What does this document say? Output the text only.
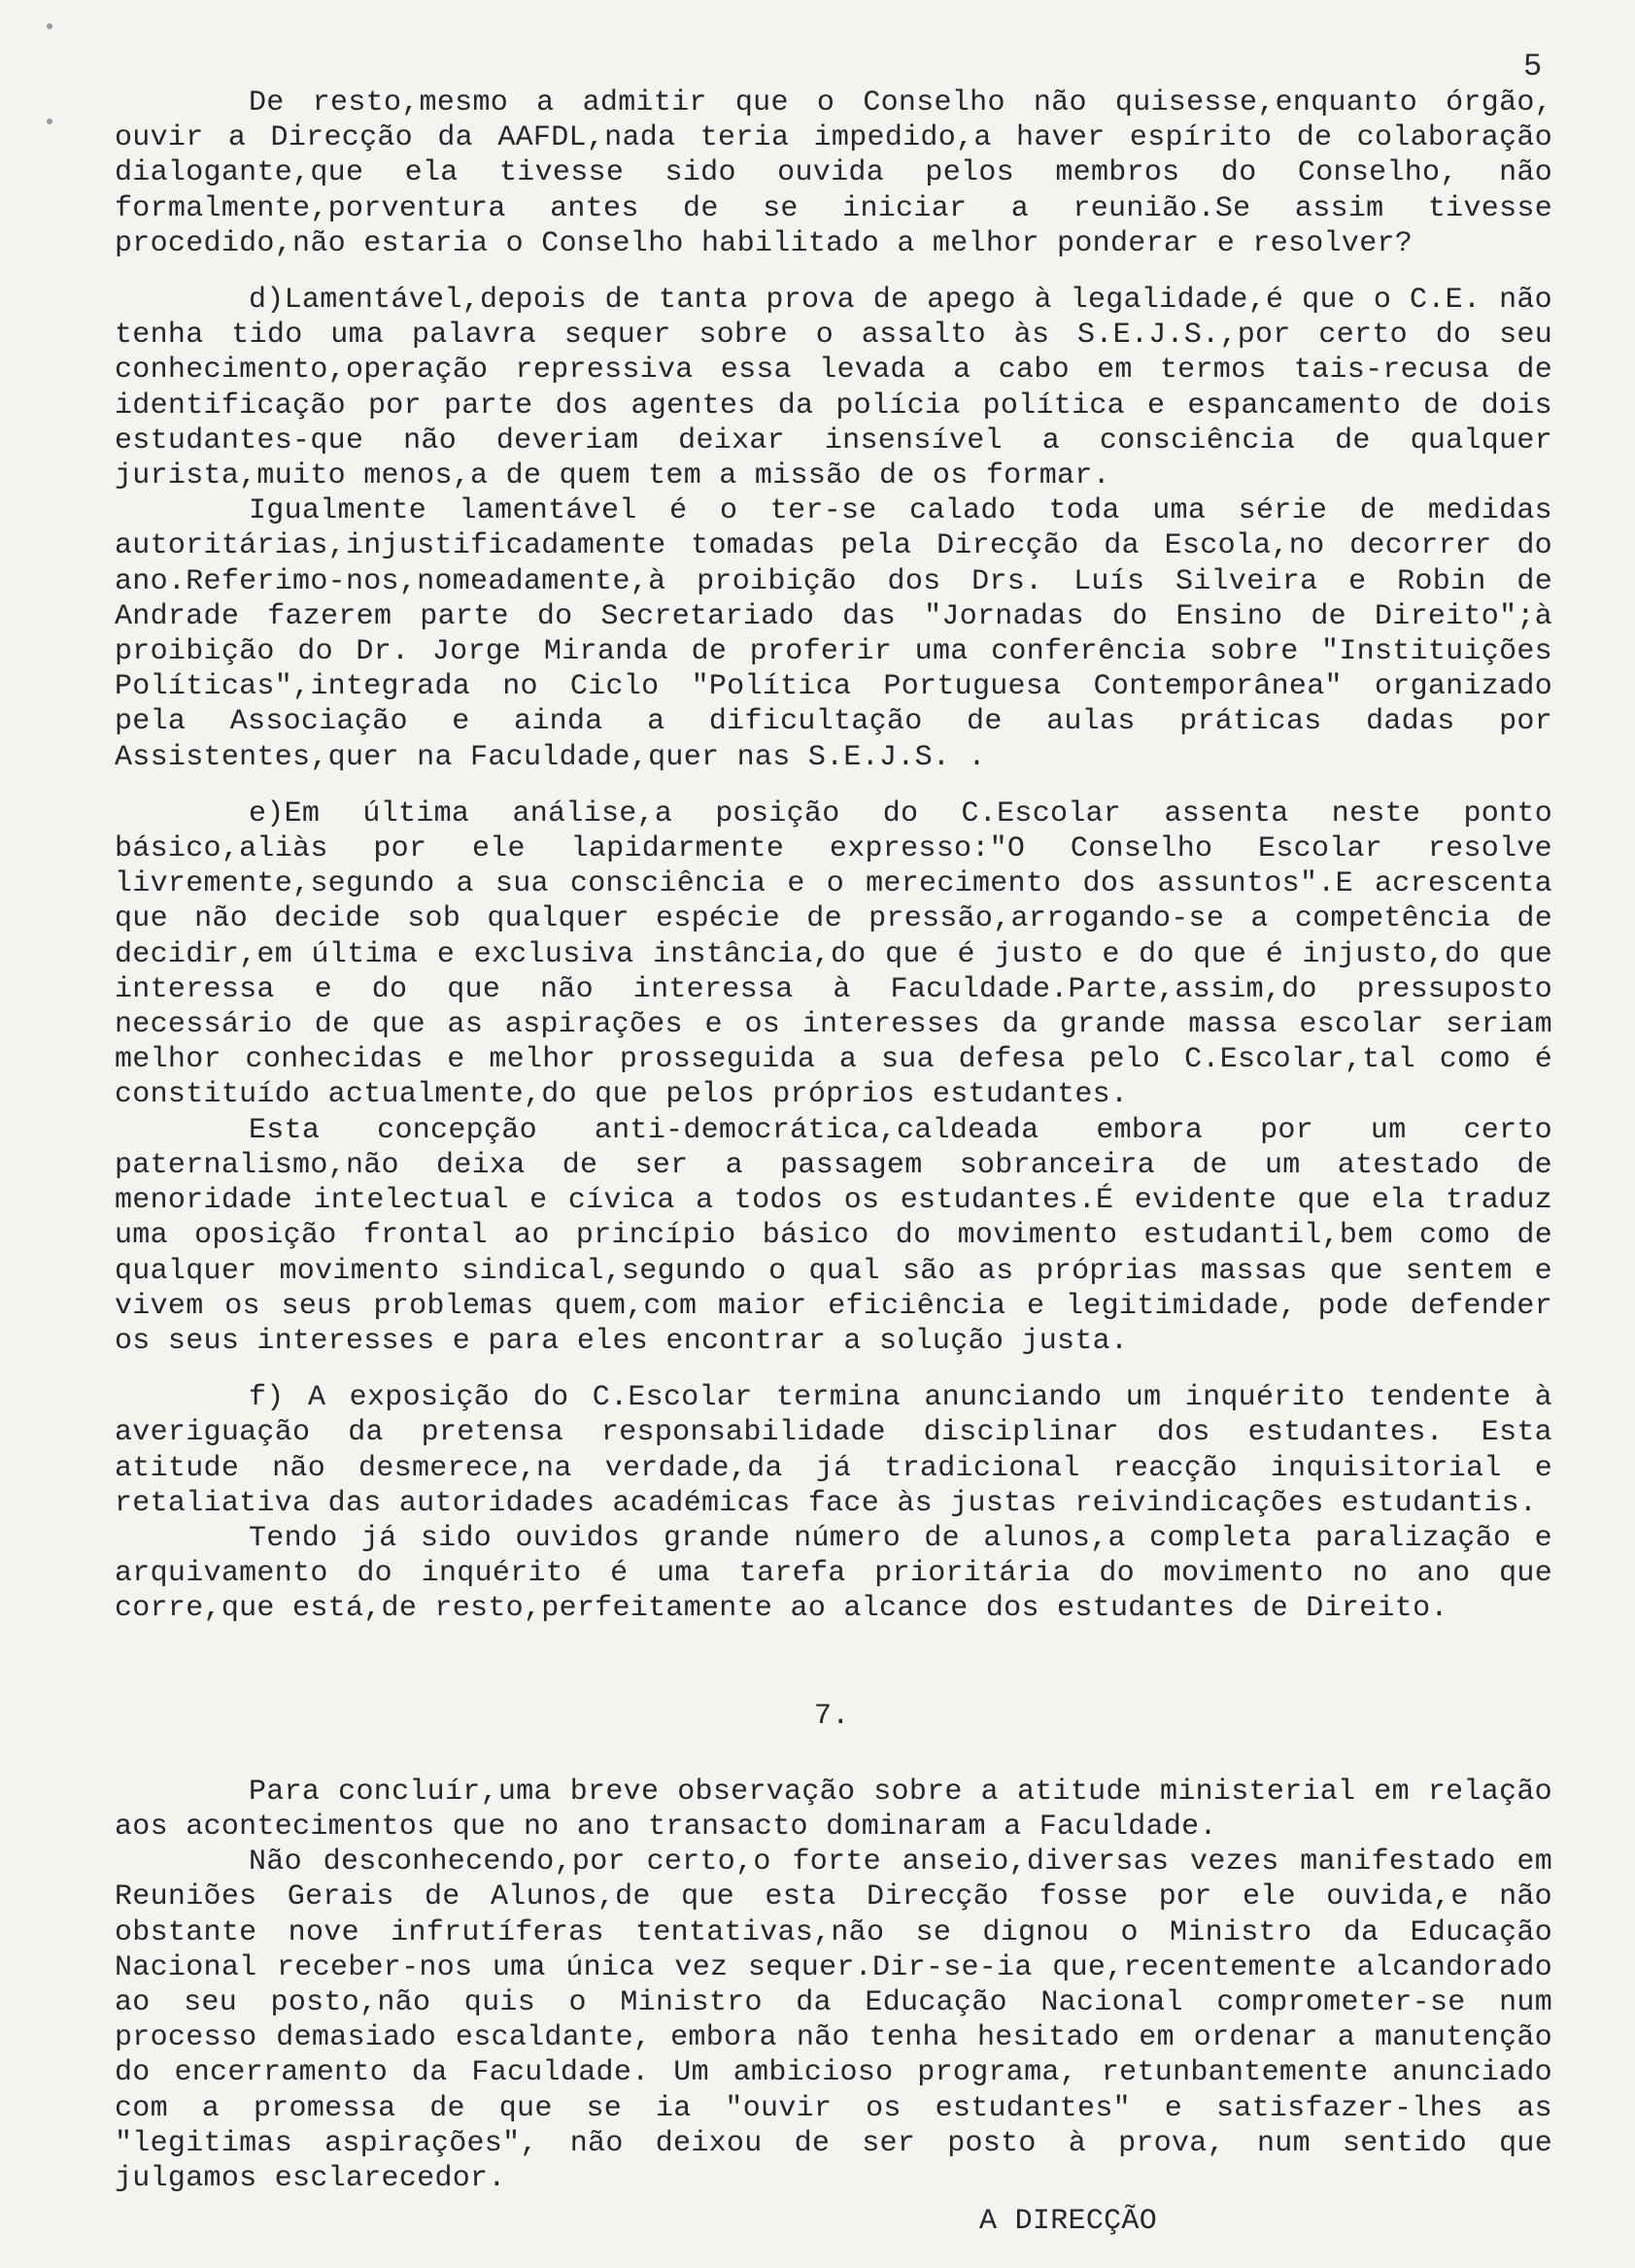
5

De resto,mesmo a admitir que o Conselho não quisesse,enquanto órgão, ouvir a Direcção da AAFDL,nada teria impedido,a haver espírito de colaboração dialogante,que ela tivesse sido ouvida pelos membros do Conselho, não formalmente,porventura antes de se iniciar a reunião.Se assim tivesse procedido,não estaria o Conselho habilitado a melhor ponderar e resolver?

d)Lamentável,depois de tanta prova de apego à legalidade,é que o C.E. não tenha tido uma palavra sequer sobre o assalto às S.E.J.S.,por certo do seu conhecimento,operação repressiva essa levada a cabo em termos tais-recusa de identificação por parte dos agentes da polícia política e espancamento de dois estudantes-que não deveriam deixar insensível a consciência de qualquer jurista,muito menos,a de quem tem a missão de os formar.

Igualmente lamentável é o ter-se calado toda uma série de medidas autoritárias,injustificadamente tomadas pela Direcção da Escola,no decorrer do ano.Referimo-nos,nomeadamente,à proibição dos Drs. Luís Silveira e Robin de Andrade fazerem parte do Secretariado das "Jornadas do Ensino de Direito";à proibição do Dr. Jorge Miranda de proferir uma conferência sobre "Instituições Políticas",integrada no Ciclo "Política Portuguesa Contemporânea" organizado pela Associação e ainda a dificultação de aulas práticas dadas por Assistentes,quer na Faculdade,quer nas S.E.J.S. .

e)Em última análise,a posição do C.Escolar assenta neste ponto básico,aliàs por ele lapidarmente expresso:"O Conselho Escolar resolve livremente,segundo a sua consciência e o merecimento dos assuntos".E acrescenta que não decide sob qualquer espécie de pressão,arrogando-se a competência de decidir,em última e exclusiva instância,do que é justo e do que é injusto,do que interessa e do que não interessa à Faculdade.Parte,assim,do pressuposto necessário de que as aspirações e os interesses da grande massa escolar seriam melhor conhecidas e melhor prosseguida a sua defesa pelo C.Escolar,tal como é constituído actualmente,do que pelos próprios estudantes.

Esta concepção anti-democrática,caldeada embora por um certo paternalismo,não deixa de ser a passagem sobranceira de um atestado de menoridade intelectual e cívica a todos os estudantes.É evidente que ela traduz uma oposição frontal ao princípio básico do movimento estudantil,bem como de qualquer movimento sindical,segundo o qual são as próprias massas que sentem e vivem os seus problemas quem,com maior eficiência e legitimidade, pode defender os seus interesses e para eles encontrar a solução justa.

f) A exposição do C.Escolar termina anunciando um inquérito tendente à averiguação da pretensa responsabilidade disciplinar dos estudantes. Esta atitude não desmerece,na verdade,da já tradicional reacção inquisitorial e retaliativa das autoridades académicas face às justas reivindicações estudantis.

Tendo já sido ouvidos grande número de alunos,a completa paralização e arquivamento do inquérito é uma tarefa prioritária do movimento no ano que corre,que está,de resto,perfeitamente ao alcance dos estudantes de Direito.

7.

Para concluír,uma breve observação sobre a atitude ministerial em relação aos acontecimentos que no ano transacto dominaram a Faculdade.

Não desconhecendo,por certo,o forte anseio,diversas vezes manifestado em Reuniões Gerais de Alunos,de que esta Direcção fosse por ele ouvida,e não obstante nove infrutíferas tentativas,não se dignou o Ministro da Educação Nacional receber-nos uma única vez sequer.Dir-se-ia que,recentemente alcandorado ao seu posto,não quis o Ministro da Educação Nacional comprometer-se num processo demasiado escaldante, embora não tenha hesitado em ordenar a manutenção do encerramento da Faculdade. Um ambicioso programa, retunbantemente anunciado com a promessa de que se ia "ouvir os estudantes" e satisfazer-lhes as "legitimas aspirações", não deixou de ser posto à prova, num sentido que julgamos esclarecedor.

A DIRECÇÃO
